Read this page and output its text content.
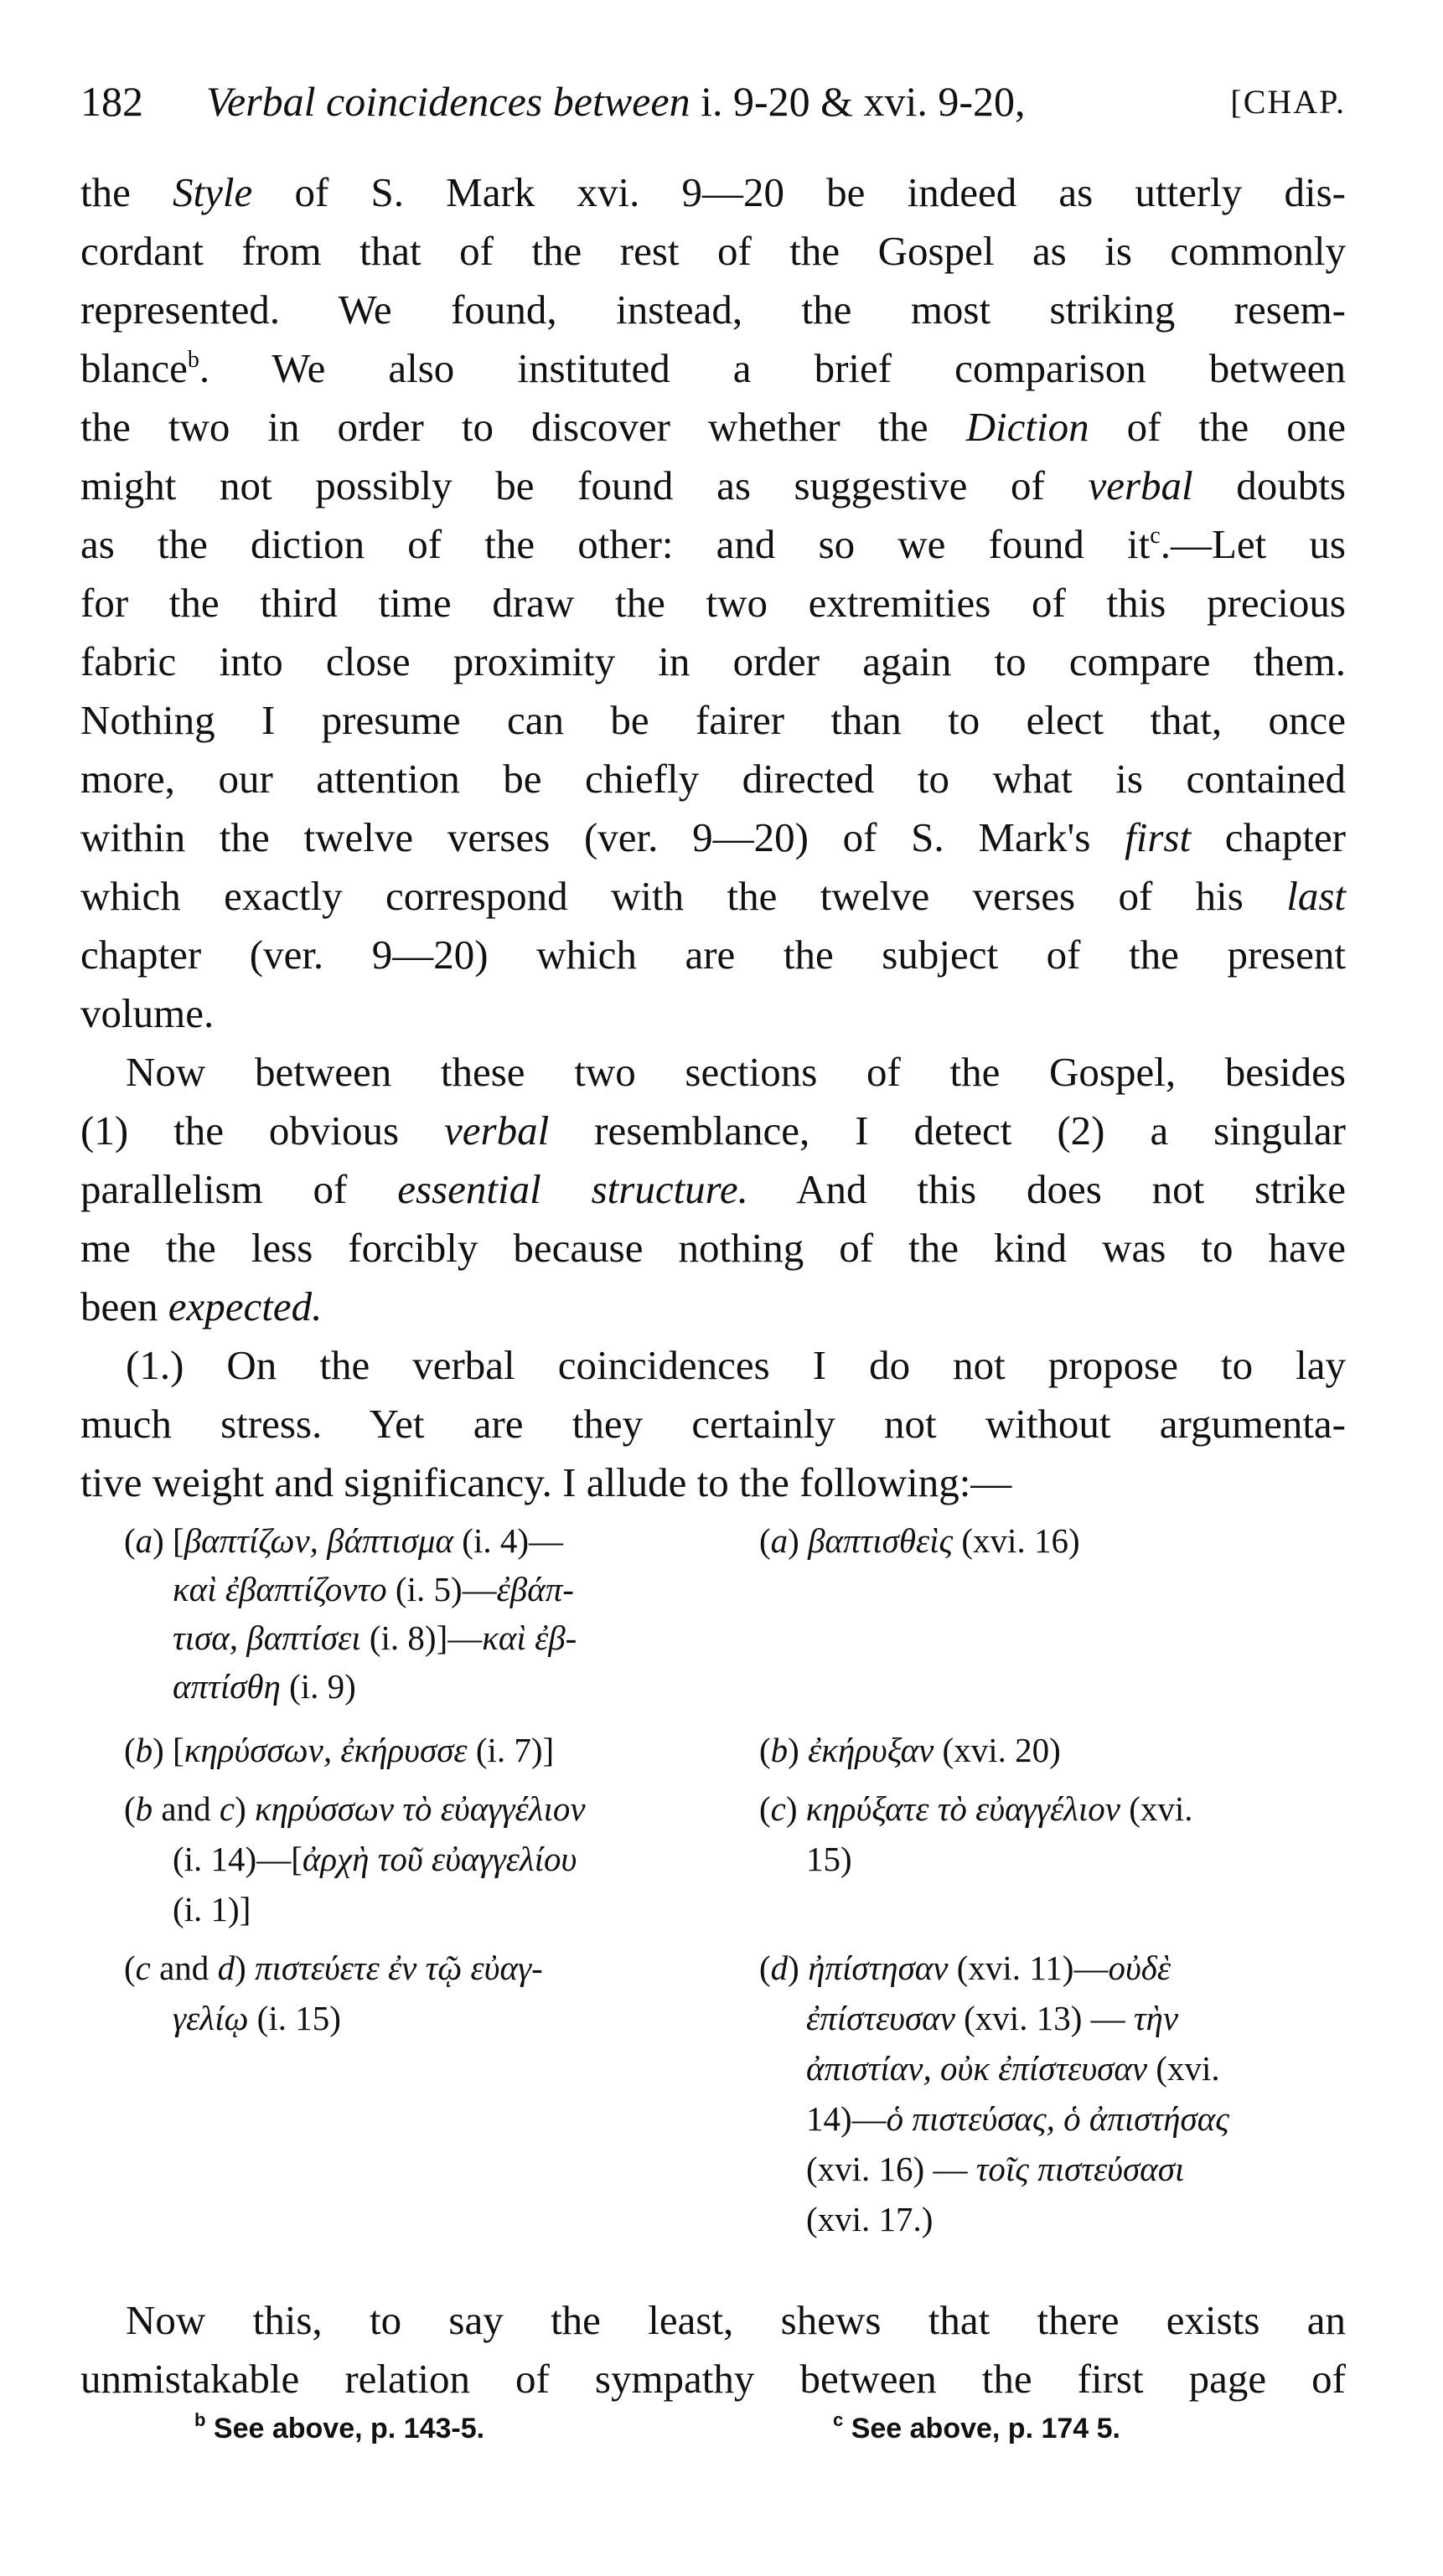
182 Verbal coincidences between i. 9-20 & xvi. 9-20,	[CHAP.
the Style of S. Mark xvi. 9—20 be indeed as utterly dis-
cordant from that of the rest of the Gospel as is commonly
represented. We found, instead, the most striking resem-
blance$^b$. We also instituted a brief comparison between
the two in order to discover whether the Diction of the one
might not possibly be found as suggestive of verbal doubts
as the diction of the other: and so we found $it^c.—Let$ us
for the third time draw the two extremities of this precious
fabric into close proximity in order again to compare them.
Nothing I presume can be fairer than to elect that, once
more, our attention be chiefly directed to what is contained
within the twelve verses (ver. 9—20) of S. Mark's first chapter
which exactly correspond with the twelve verses of his last
chapter (ver. 9—20) which are the subject of the present
volume.
Now between these two sections of the Gospel, besides
(1) the obvious verbal resemblance, I detect (2) a singular
parallelism of essential structure. And this does not strike
me the less forcibly because nothing of the kind was to have
been expected.
(1.) On the verbal coincidences I do not propose to lay
much stress. Yet are they certainly not without argumenta-
tive weight and significancy. I allude to the following:—
Now this, to say the least, shews that there exists an
unmistakable relation of sympathy between the first page of
(a) [βαπτίζων, βάπτισμα (i. 4)—
καὶ ἐβαπτίζοντο (i. 5)—ἐβάπ-
τισα, βαπτίσει (i. 8)]—καὶ ἐβ-
απτίσθη (i. 9)
(b) [κηρύσσων, ἐκήρυσσε (i. 7)]
(b and c) κηρύσσων τὸ εὐαγγέλιον
(i. 14)—[ἀρχὴ τοῦ εὐαγγελίου
(i. 1)]
(c and d) πιστεύετε ἐν τῷ εὐαγ-
γελίῳ (i. 15)
(a) βαπτισθεὶς (xvi. 16)
(b) ἐκήρυξαν (xvi. 20)
(c) κηρύξατε τὸ εὐαγγέλιον (xvi.
15)
(d) ἠπίστησαν (xvi. 11)—οὐδὲ
ἐπίστευσαν (xvi. 13) — τὴν
ἀπιστίαν, οὐκ ἐπίστευσαν (xvi.
14)—ὁ πιστεύσας, ὁ ἀπιστήσας
(xvi. 16) — τοῖς πιστεύσασι
(xvi. 17.)
$^b$ See above, p. 143-5.	$^c$ See above, p. 174 5.
